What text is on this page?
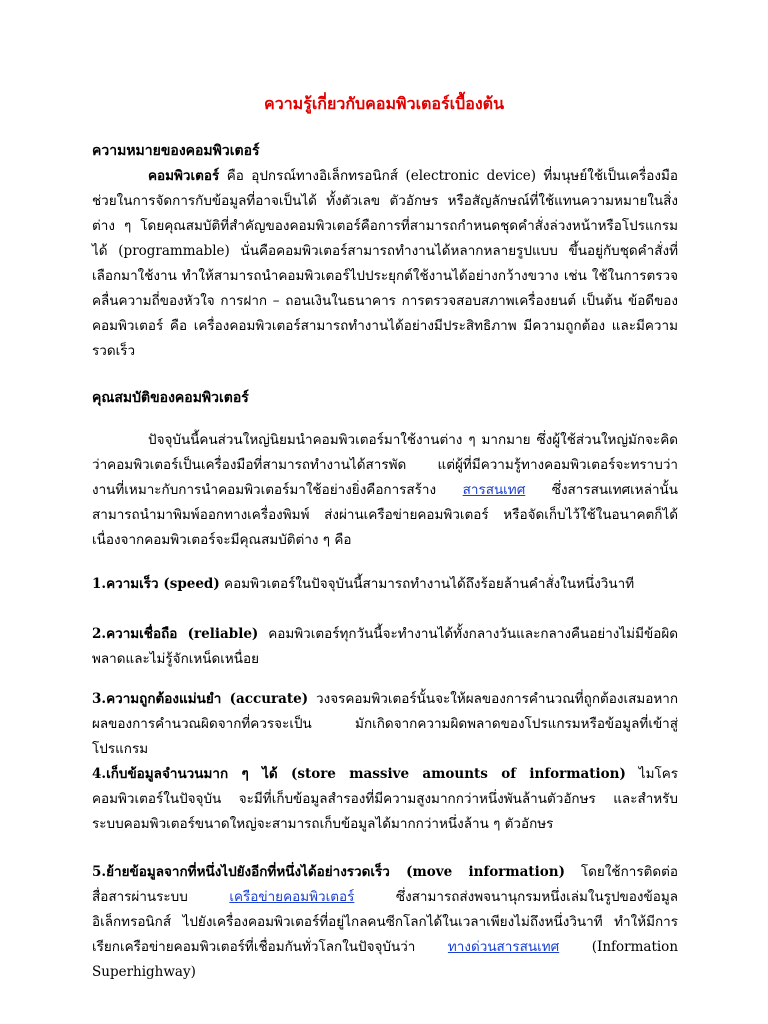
ความรู้เกี่ยวกับคอมพิวเตอร์เบื้องต้น
ความหมายของคอมพิวเตอร์

คอมพิวเตอร์ คือ อุปกรณ์ทางอิเล็กทรอนิกส์ (electronic device) ที่มนุษย์ใช้เป็นเครื่องมือช่วยในการจัดการกับข้อมูลที่อาจเป็นได้ ทั้งตัวเลข ตัวอักษร หรือสัญลักษณ์ที่ใช้แทนความหมายในสิ่งต่าง ๆ โดยคุณสมบัติที่สำคัญของคอมพิวเตอร์คือการที่สามารถกำหนดชุดคำสั่งล่วงหน้าหรือโปรแกรมได้ (programmable) นั่นคือคอมพิวเตอร์สามารถทำงานได้หลากหลายรูปแบบ ขึ้นอยู่กับชุดคำสั่งที่เลือกมาใช้งาน ทำให้สามารถนำคอมพิวเตอร์ไปประยุกต์ใช้งานได้อย่างกว้างขวาง เช่น ใช้ในการตรวจคลื่นความถี่ของหัวใจ การฝาก – ถอนเงินในธนาคาร การตรวจสอบสภาพเครื่องยนต์ เป็นต้น ข้อดีของคอมพิวเตอร์ คือ เครื่องคอมพิวเตอร์สามารถทำงานได้อย่างมีประสิทธิภาพ มีความถูกต้อง และมีความรวดเร็ว

คุณสมบัติของคอมพิวเตอร์

ปัจจุบันนี้คนส่วนใหญ่นิยมนำคอมพิวเตอร์มาใช้งานต่าง ๆ มากมาย ซึ่งผู้ใช้ส่วนใหญ่มักจะคิดว่าคอมพิวเตอร์เป็นเครื่องมือที่สามารถทำงานได้สารพัด แต่ผู้ที่มีความรู้ทางคอมพิวเตอร์จะทราบว่า งานที่เหมาะกับการนำคอมพิวเตอร์มาใช้อย่างยิ่งคือการสร้าง สารสนเทศ ซึ่งสารสนเทศเหล่านั้นสามารถนำมาพิมพ์ออกทางเครื่องพิมพ์ ส่งผ่านเครือข่ายคอมพิวเตอร์ หรือจัดเก็บไว้ใช้ในอนาคตก็ได้ เนื่องจากคอมพิวเตอร์จะมีคุณสมบัติต่าง ๆ คือ

1.ความเร็ว (speed) คอมพิวเตอร์ในปัจจุบันนี้สามารถทำงานได้ถึงร้อยล้านคำสั่งในหนึ่งวินาที

2.ความเชื่อถือ (reliable) คอมพิวเตอร์ทุกวันนี้จะทำงานได้ทั้งกลางวันและกลางคืนอย่างไม่มีข้อผิดพลาดและไม่รู้จักเหน็ดเหนื่อย

3.ความถูกต้องแม่นยำ (accurate) วงจรคอมพิวเตอร์นั้นจะให้ผลของการคำนวณที่ถูกต้องเสมอหากผลของการคำนวณผิดจากที่ควรจะเป็น มักเกิดจากความผิดพลาดของโปรแกรมหรือข้อมูลที่เข้าสู่โปรแกรม

4.เก็บข้อมูลจำนวนมาก ๆ ได้ (store massive amounts of information) ไมโครคอมพิวเตอร์ในปัจจุบัน จะมีที่เก็บข้อมูลสำรองที่มีความสูงมากกว่าหนึ่งพันล้านตัวอักษร และสำหรับระบบคอมพิวเตอร์ขนาดใหญ่จะสามารถเก็บข้อมูลได้มากกว่าหนึ่งล้าน ๆ ตัวอักษร

5.ย้ายข้อมูลจากที่หนึ่งไปยังอีกที่หนึ่งได้อย่างรวดเร็ว (move information) โดยใช้การติดต่อสื่อสารผ่านระบบ เครือข่ายคอมพิวเตอร์ ซึ่งสามารถส่งพจนานุกรมหนึ่งเล่มในรูปของข้อมูลอิเล็กทรอนิกส์ ไปยังเครื่องคอมพิวเตอร์ที่อยู่ไกลคนซีกโลกได้ในเวลาเพียงไม่ถึงหนึ่งวินาที ทำให้มีการเรียกเครือข่ายคอมพิวเตอร์ที่เชื่อมกันทั่วโลกในปัจจุบันว่า ทางด่วนสารสนเทศ (Information Superhighway)
